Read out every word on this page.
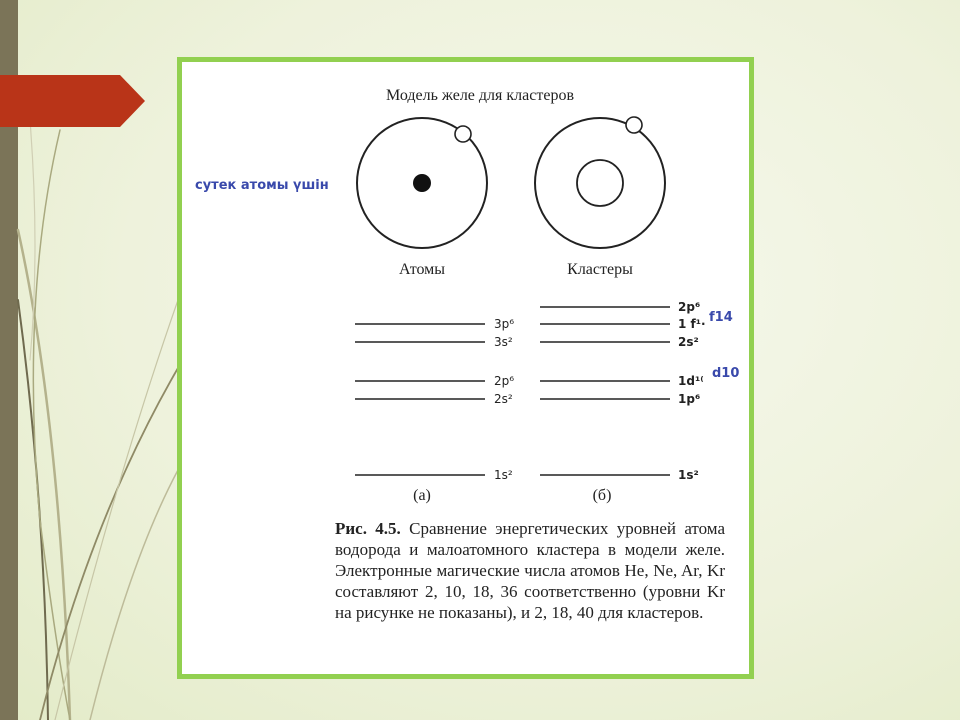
Модель желе для кластеров
Атомы	Кластеры
3p⁶
3s²
2p⁶
2s²
1s²
2p⁶
1 f¹·
2s²
1d¹⁽
1p⁶
1s²
(а)	(б)

Рис. 4.5. Сравнение энергетических уровней атома водорода и малоатомного кластера в модели желе. Электронные магические числа атомов He, Ne, Ar, Kr составляют 2, 10, 18, 36 соответственно (уровни Kr на рисунке не показаны), и 2, 18, 40 для кластеров.

сутек атомы үшін
f14
d10
